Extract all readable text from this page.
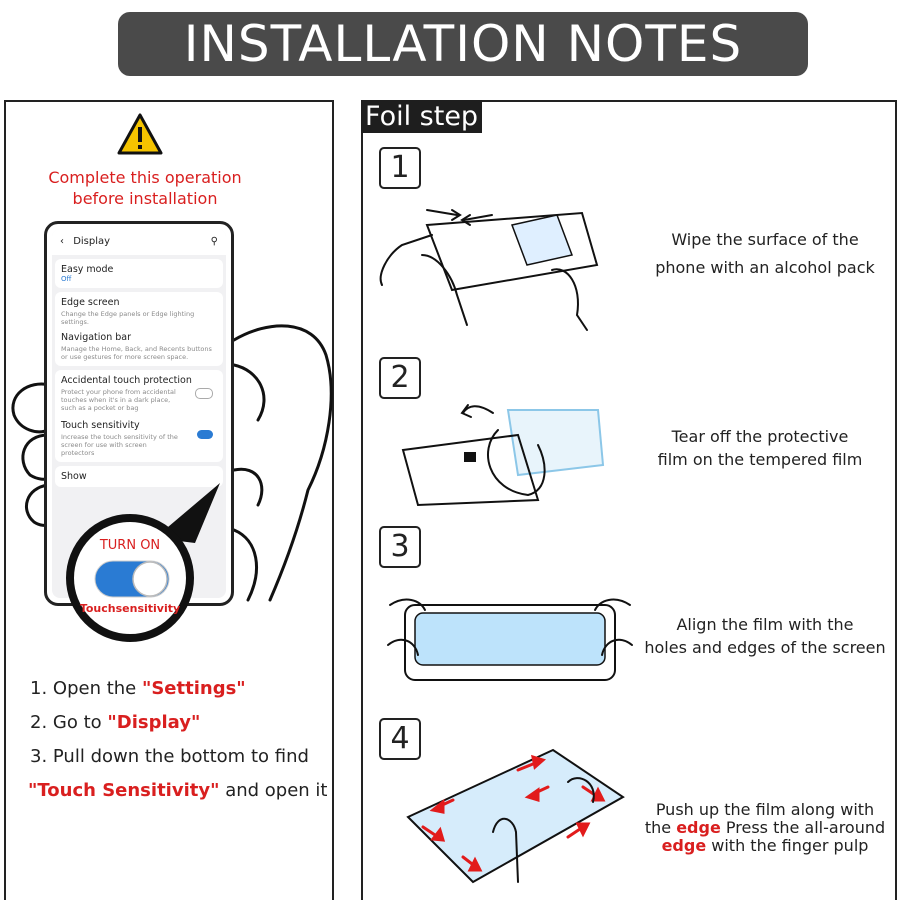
INSTALLATION NOTES
Complete this operation
before installation
‹ Display	⚲
Easy mode
Off
Edge screen
Change the Edge panels or Edge lighting settings.
Navigation bar
Manage the Home, Back, and Recents buttons or use gestures for more screen space.
Accidental touch protection
Protect your phone from accidental touches when it's in a dark place, such as a pocket or bag
Touch sensitivity
Increase the touch sensitivity of the screen for use with screen protectors
Show
TURN ON
Touchsensitivity
1. Open the "Settings"
2. Go to "Display"
3. Pull down the bottom to find
"Touch Sensitivity" and open it
Foil step
1
Wipe the surface of the
phone with an alcohol pack
2
Tear off the protective
film on the tempered film
3
Align the film with the
holes and edges of the screen
4
Push up the film along with
the edge Press the all-around
edge with the finger pulp
